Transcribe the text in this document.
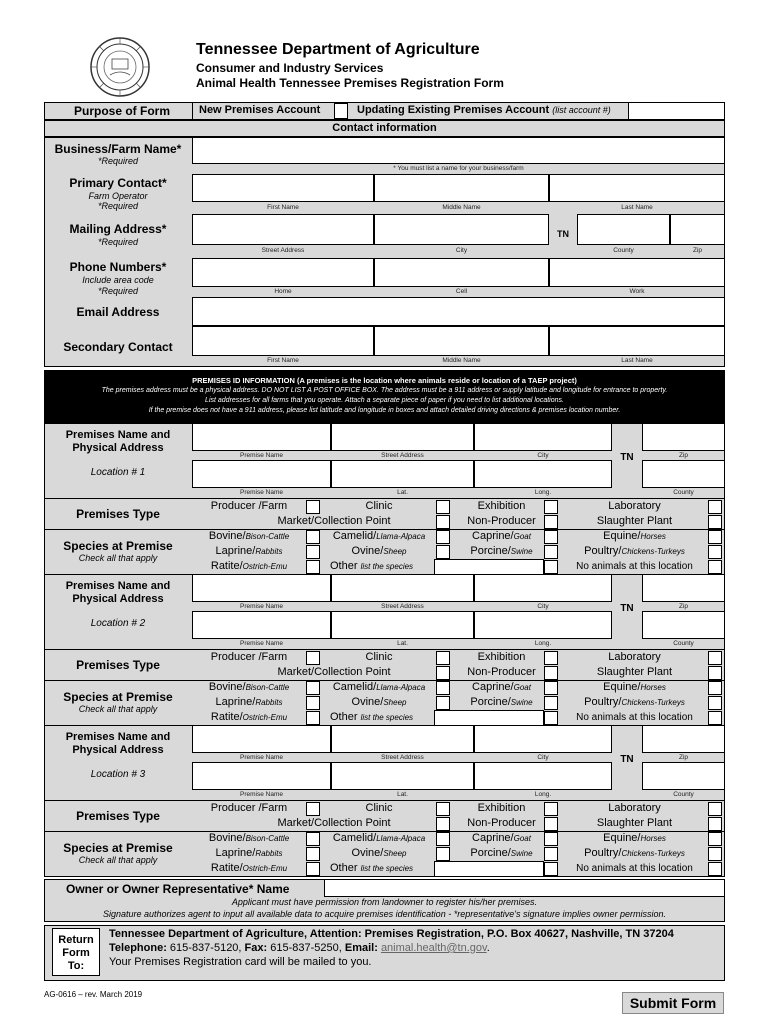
Tennessee Department of Agriculture
Consumer and Industry Services
Animal Health Tennessee Premises Registration Form
Purpose of Form	New Premises Account	Updating Existing Premises Account (list account #)
Contact information
Business/Farm Name*
*Required
* You must list a name for your business/farm
Primary Contact*
Farm Operator
*Required	First Name	Middle Name	Last Name
Mailing Address*
*Required
TN
Street Address	City	County	Zip
Phone Numbers*
Include area code
*Required	Home	Cell	Work
Email Address
Secondary Contact
First Name	Middle Name	Last Name
PREMISES ID INFORMATION (A premises is the location where animals reside or location of a TAEP project)
The premises address must be a physical address. DO NOT LIST A POST OFFICE BOX. The address must be a 911 address or supply latitude and longitude for entrance to property.
List addresses for all farms that you operate. Attach a separate piece of paper if you need to list additional locations.
If the premise does not have a 911 address, please list latitude and longitude in boxes and attach detailed driving directions & premises location number.
Premises Name and Physical Address
Location # 1
TN
Premise Name	Street Address	City	Zip
Premise Name	Lat.	Long.	County
Premises Type
Producer /Farm	Clinic	Exhibition	Laboratory
Market/Collection Point	Non-Producer	Slaughter Plant
Species at Premise
Check all that apply
Bovine/Bison-Cattle	Camelid/Llama-Alpaca	Caprine/Goat	Equine/Horses
Laprine/Rabbits	Ovine/Sheep	Porcine/Swine	Poultry/Chickens-Turkeys
Ratite/Ostrich-Emu	Other list the species	No animals at this location
Premises Name and Physical Address
Location # 2
TN
Premise Name	Street Address	City	Zip
Premise Name	Lat.	Long.	County
Premises Type
Producer /Farm	Clinic	Exhibition	Laboratory
Market/Collection Point	Non-Producer	Slaughter Plant
Species at Premise
Check all that apply
Bovine/Bison-Cattle	Camelid/Llama-Alpaca	Caprine/Goat	Equine/Horses
Laprine/Rabbits	Ovine/Sheep	Porcine/Swine	Poultry/Chickens-Turkeys
Ratite/Ostrich-Emu	Other list the species	No animals at this location
Premises Name and Physical Address
Location # 3
TN
Premise Name	Street Address	City	Zip
Premise Name	Lat.	Long.	County
Premises Type
Producer /Farm	Clinic	Exhibition	Laboratory
Market/Collection Point	Non-Producer	Slaughter Plant
Species at Premise
Check all that apply
Bovine/Bison-Cattle	Camelid/Llama-Alpaca	Caprine/Goat	Equine/Horses
Laprine/Rabbits	Ovine/Sheep	Porcine/Swine	Poultry/Chickens-Turkeys
Ratite/Ostrich-Emu	Other list the species	No animals at this location
Owner or Owner Representative* Name
Applicant must have permission from landowner to register his/her premises.
Signature authorizes agent to input all available data to acquire premises identification - *representative's signature implies owner permission.
Return Form To:
Tennessee Department of Agriculture, Attention: Premises Registration, P.O. Box 40627, Nashville, TN 37204
Telephone: 615-837-5120, Fax: 615-837-5250, Email: animal.health@tn.gov.
Your Premises Registration card will be mailed to you.
AG-0616 – rev. March 2019
Submit Form
